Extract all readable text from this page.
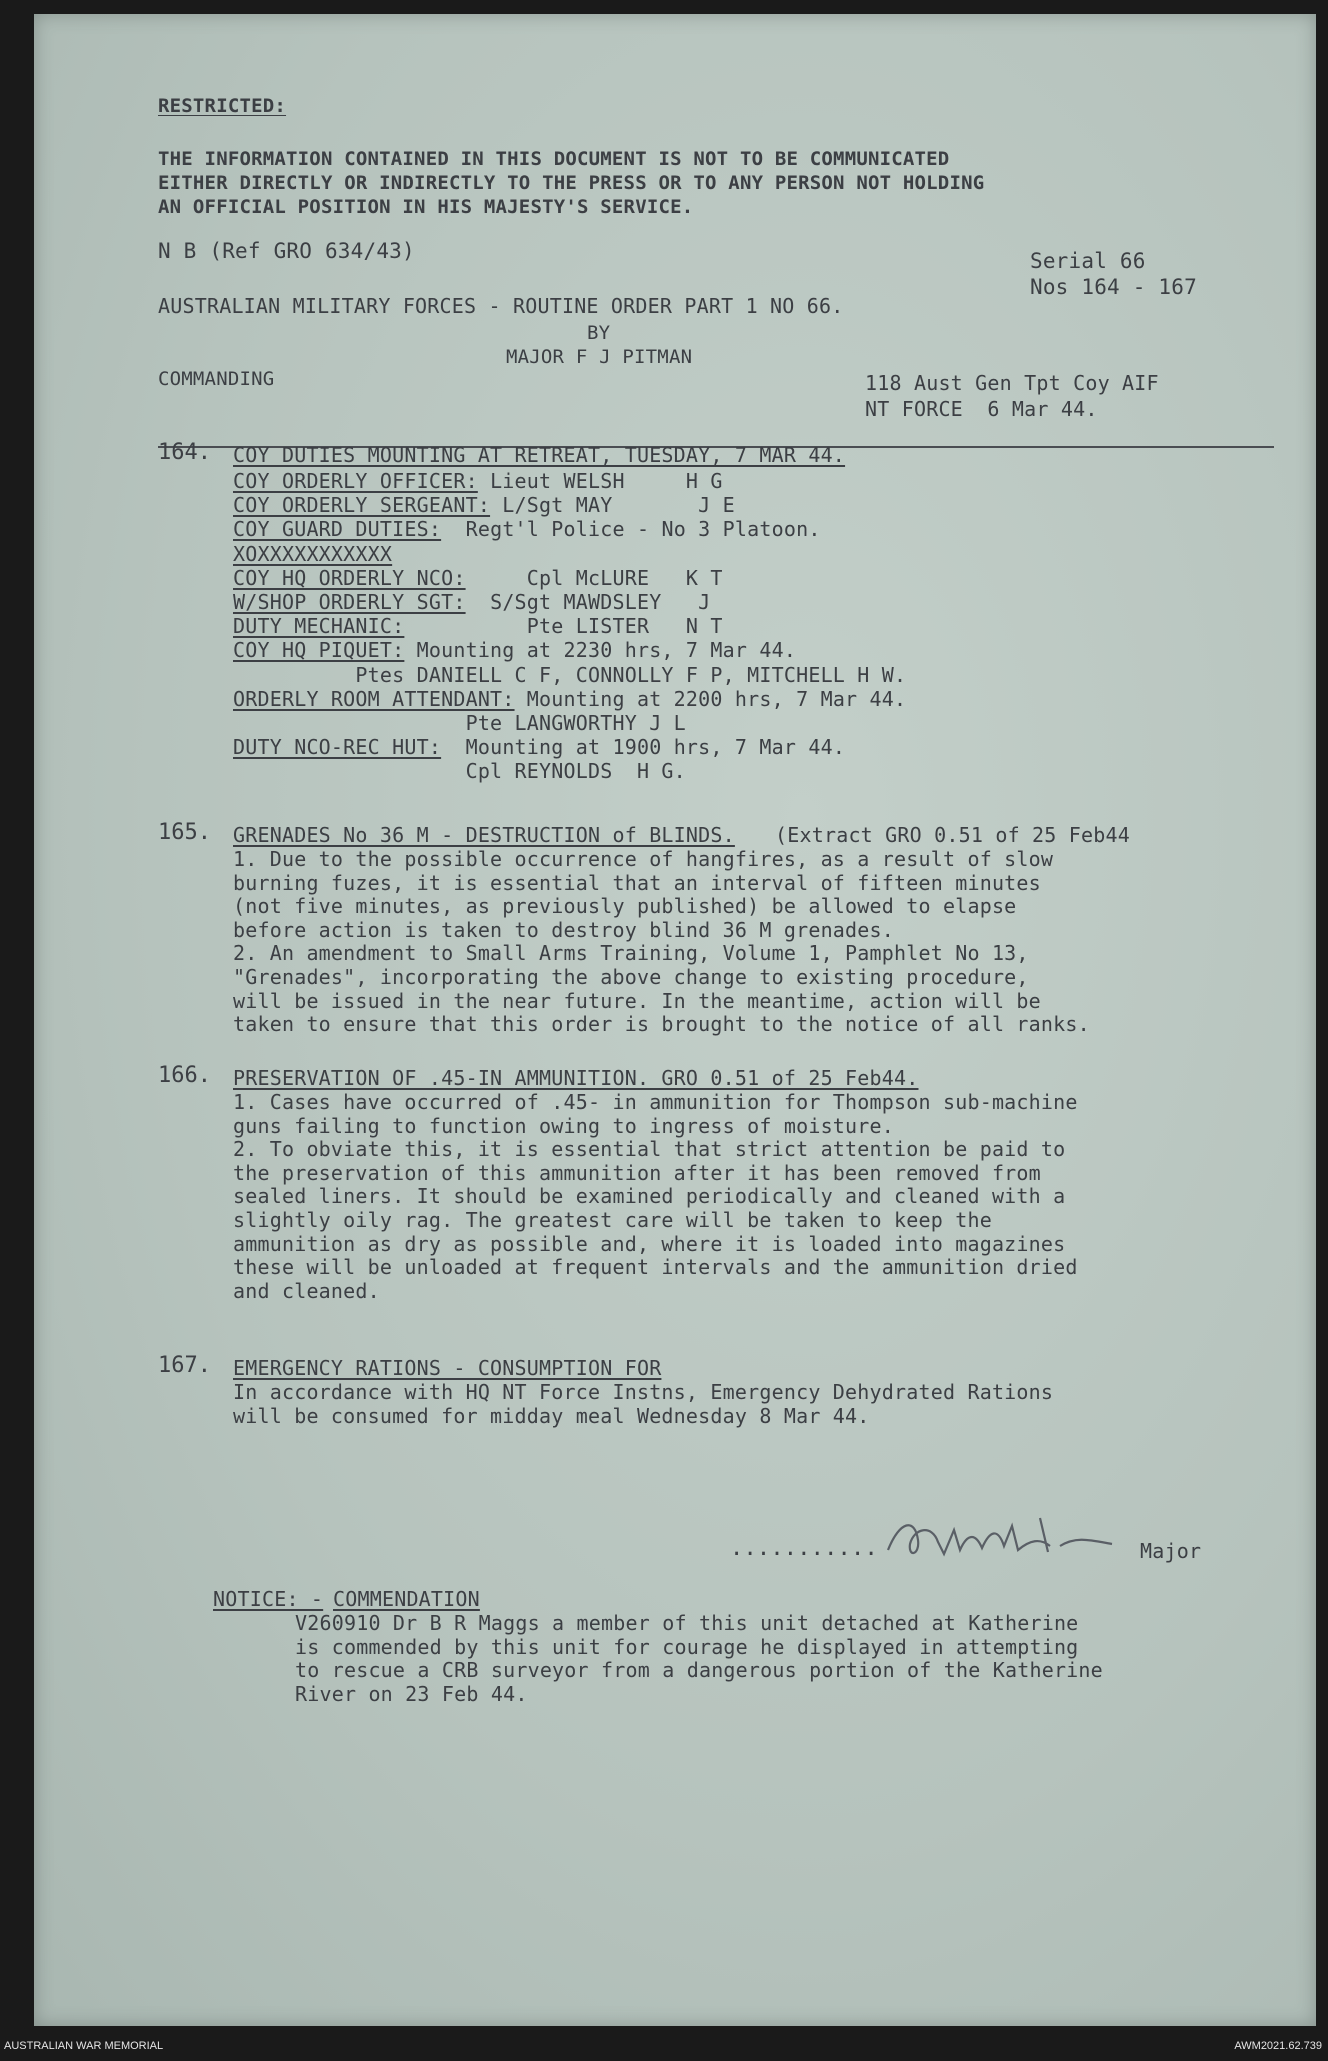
RESTRICTED:
THE INFORMATION CONTAINED IN THIS DOCUMENT IS NOT TO BE COMMUNICATED
EITHER DIRECTLY OR INDIRECTLY TO THE PRESS OR TO ANY PERSON NOT HOLDING
AN OFFICIAL POSITION IN HIS MAJESTY'S SERVICE.
N B (Ref GRO 634/43)	Serial 66
Nos 164 - 167
AUSTRALIAN MILITARY FORCES - ROUTINE ORDER PART 1 NO 66.
BY
MAJOR F J PITMAN
COMMANDING	118 Aust Gen Tpt Coy AIF
NT FORCE  6 Mar 44.
164. COY DUTIES MOUNTING AT RETREAT, TUESDAY, 7 MAR 44.
COY ORDERLY OFFICER: Lieut WELSH     H G
COY ORDERLY SERGEANT: L/Sgt MAY       J E
COY GUARD DUTIES:  Regt'l Police - No 3 Platoon.
XOXXXXXXXXXXX
COY HQ ORDERLY NCO:     Cpl McLURE   K T
W/SHOP ORDERLY SGT:  S/Sgt MAWDSLEY   J
DUTY MECHANIC:          Pte LISTER   N T
COY HQ PIQUET: Mounting at 2230 hrs, 7 Mar 44.
Ptes DANIELL C F, CONNOLLY F P, MITCHELL H W.
ORDERLY ROOM ATTENDANT: Mounting at 2200 hrs, 7 Mar 44.
Pte LANGWORTHY J L
DUTY NCO-REC HUT:  Mounting at 1900 hrs, 7 Mar 44.
Cpl REYNOLDS  H G.
165. GRENADES No 36 M - DESTRUCTION of BLINDS. (Extract GRO 0.51 of 25 Feb44
1. Due to the possible occurrence of hangfires, as a result of slow
burning fuzes, it is essential that an interval of fifteen minutes
(not five minutes, as previously published) be allowed to elapse
before action is taken to destroy blind 36 M grenades.
2. An amendment to Small Arms Training, Volume 1, Pamphlet No 13,
"Grenades", incorporating the above change to existing procedure,
will be issued in the near future. In the meantime, action will be
taken to ensure that this order is brought to the notice of all ranks.
166. PRESERVATION OF .45-IN AMMUNITION. GRO 0.51 of 25 Feb44.
1. Cases have occurred of .45- in ammunition for Thompson sub-machine
guns failing to function owing to ingress of moisture.
2. To obviate this, it is essential that strict attention be paid to
the preservation of this ammunition after it has been removed from
sealed liners. It should be examined periodically and cleaned with a
slightly oily rag. The greatest care will be taken to keep the
ammunition as dry as possible and, where it is loaded into magazines
these will be unloaded at frequent intervals and the ammunition dried
and cleaned.
167. EMERGENCY RATIONS - CONSUMPTION FOR
In accordance with HQ NT Force Instns, Emergency Dehydrated Rations
will be consumed for midday meal Wednesday 8 Mar 44.
...........	Major
NOTICE: - COMMENDATION
V260910 Dr B R Maggs a member of this unit detached at Katherine
is commended by this unit for courage he displayed in attempting
to rescue a CRB surveyor from a dangerous portion of the Katherine
River on 23 Feb 44.
AUSTRALIAN WAR MEMORIAL	AWM2021.62.739
